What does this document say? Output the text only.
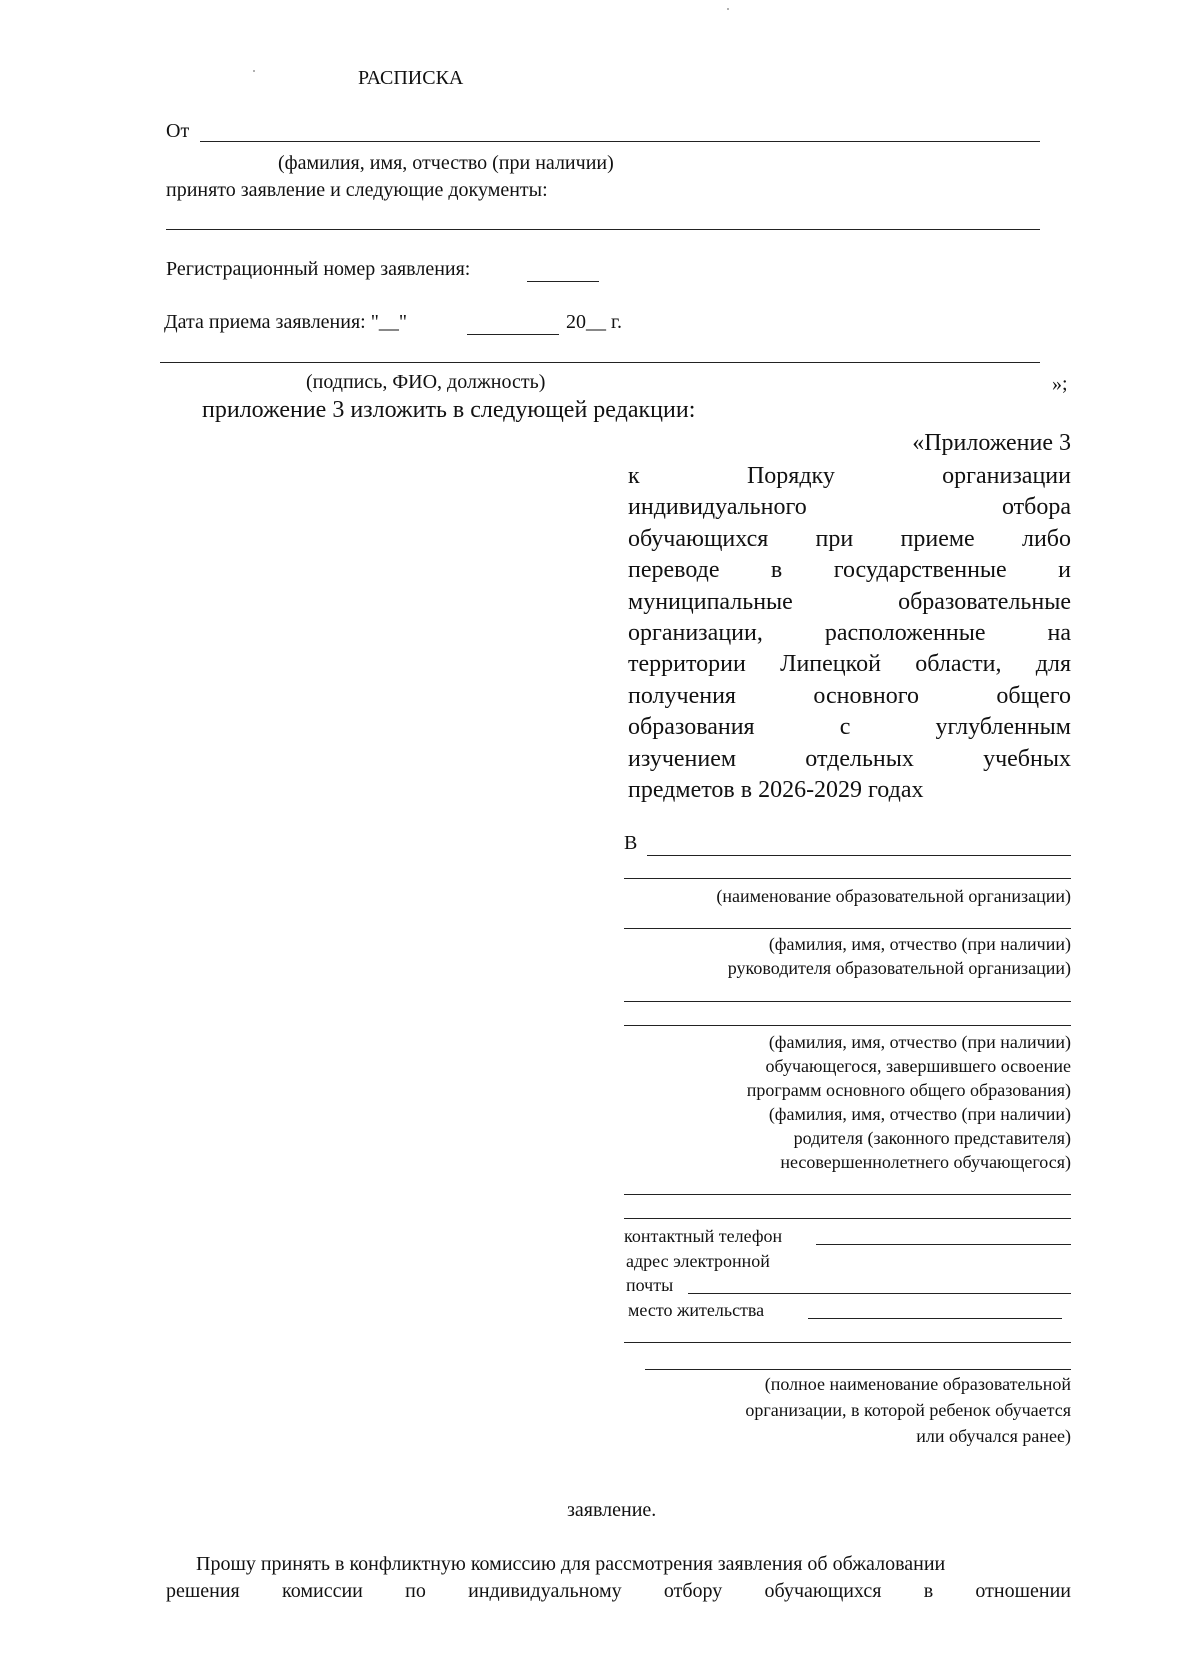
РАСПИСКА
От
(фамилия, имя, отчество (при наличии)
принято заявление и следующие документы:
Регистрационный номер заявления:
Дата приема заявления: "__"	20__ г.
(подпись, ФИО, должность)	»;
приложение 3 изложить в следующей редакции:
«Приложение 3
к Порядку организации
индивидуального отбора
обучающихся при приеме либо
переводе в государственные и
муниципальные образовательные
организации, расположенные на
территории Липецкой области, для
получения основного общего
образования с углубленным
изучением отдельных учебных
предметов в 2026-2029 годах
В
(наименование образовательной организации)
(фамилия, имя, отчество (при наличии)
руководителя образовательной организации)
(фамилия, имя, отчество (при наличии)
обучающегося, завершившего освоение
программ основного общего образования)
(фамилия, имя, отчество (при наличии)
родителя (законного представителя)
несовершеннолетнего обучающегося)
контактный телефон
адрес электронной
почты
место жительства
(полное наименование образовательной
организации, в которой ребенок обучается
или обучался ранее)
заявление.
Прошу принять в конфликтную комиссию для рассмотрения заявления об обжаловании
решения комиссии по индивидуальному отбору обучающихся в отношении
